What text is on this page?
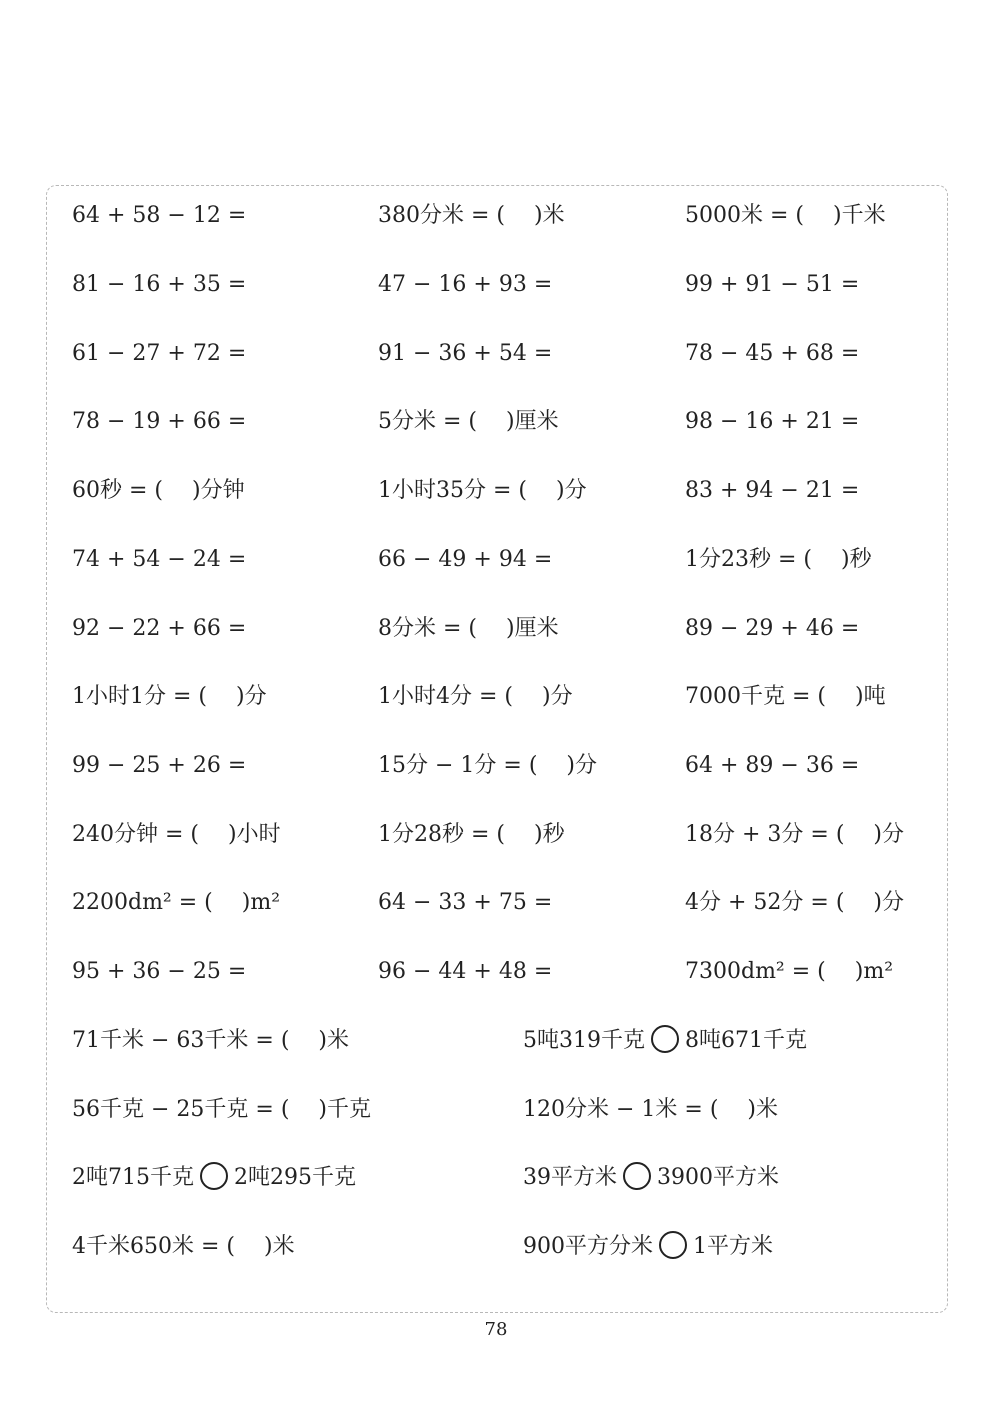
64 + 58 − 12 =	380分米 = (　 )米	5000米 = (　 )千米
81 − 16 + 35 =	47 − 16 + 93 =	99 + 91 − 51 =
61 − 27 + 72 =	91 − 36 + 54 =	78 − 45 + 68 =
78 − 19 + 66 =	5分米 = (　 )厘米	98 − 16 + 21 =
60秒 = (　 )分钟	1小时35分 = (　 )分	83 + 94 − 21 =
74 + 54 − 24 =	66 − 49 + 94 =	1分23秒 = (　 )秒
92 − 22 + 66 =	8分米 = (　 )厘米	89 − 29 + 46 =
1小时1分 = (　 )分	1小时4分 = (　 )分	7000千克 = (　 )吨
99 − 25 + 26 =	15分 − 1分 = (　 )分	64 + 89 − 36 =
240分钟 = (　 )小时	1分28秒 = (　 )秒	18分 + 3分 = (　 )分
2200dm² = (　 )m²	64 − 33 + 75 =	4分 + 52分 = (　 )分
95 + 36 − 25 =	96 − 44 + 48 =	7300dm² = (　 )m²
71千米 − 63千米 = (　 )米	5吨319千克 8吨671千克
56千克 − 25千克 = (　 )千克	120分米 − 1米 = (　 )米
2吨715千克 2吨295千克	39平方米 3900平方米
4千米650米 = (　 )米	900平方分米 1平方米
78
